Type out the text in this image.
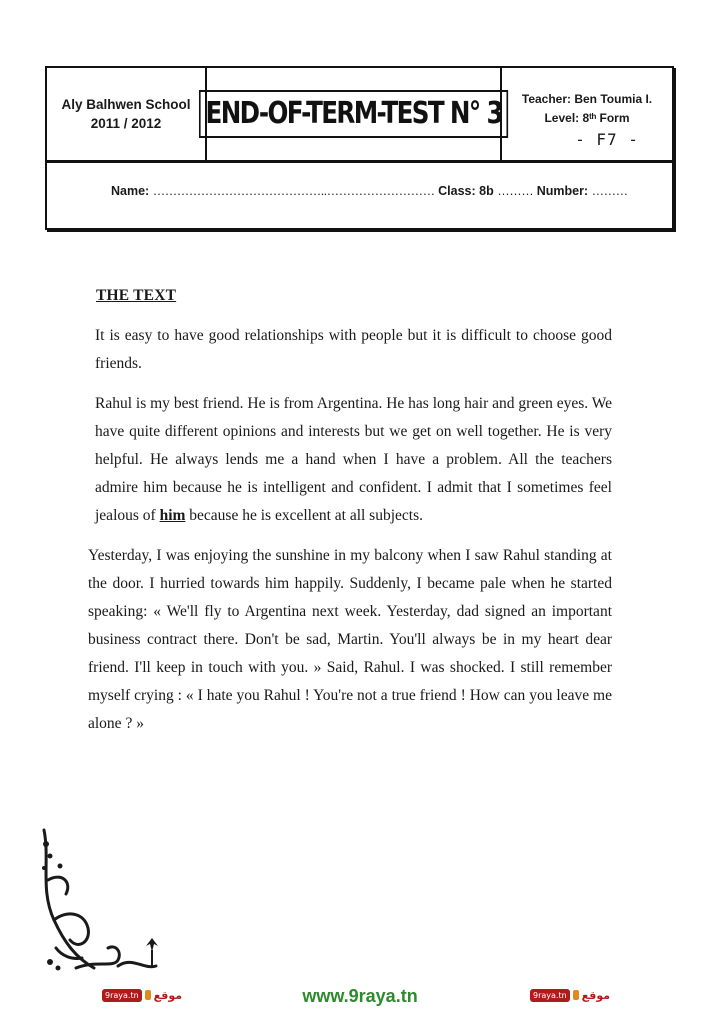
Aly Balhwen School
2011 / 2012 END-OF-TERM-TEST N° 3	Teacher: Ben Toumia I.
Level: 8ᵗʰ Form
- F7 -
Name: ……………………………………..……………………… Class: 8b ……… Number: ………
THE TEXT

It is easy to have good relationships with people but it is difficult to choose good friends.

Rahul is my best friend. He is from Argentina. He has long hair and green eyes. We have quite different opinions and interests but we get on well together. He is very helpful. He always lends me a hand when I have a problem. All the teachers admire him because he is intelligent and confident. I admit that I sometimes feel jealous of him because he is excellent at all subjects.

Yesterday, I was enjoying the sunshine in my balcony when I saw Rahul standing at the door. I hurried towards him happily. Suddenly, I became pale when he started speaking: « We'll fly to Argentina next week. Yesterday, dad signed an important business contract there. Don't be sad, Martin. You'll always be in my heart dear friend. I'll keep in touch with you. » Said, Rahul. I was shocked. I still remember myself crying : « I hate you Rahul ! You're not a true friend ! How can you leave me alone ? »

9raya.tn موقع	www.9raya.tn	9raya.tn موقع
